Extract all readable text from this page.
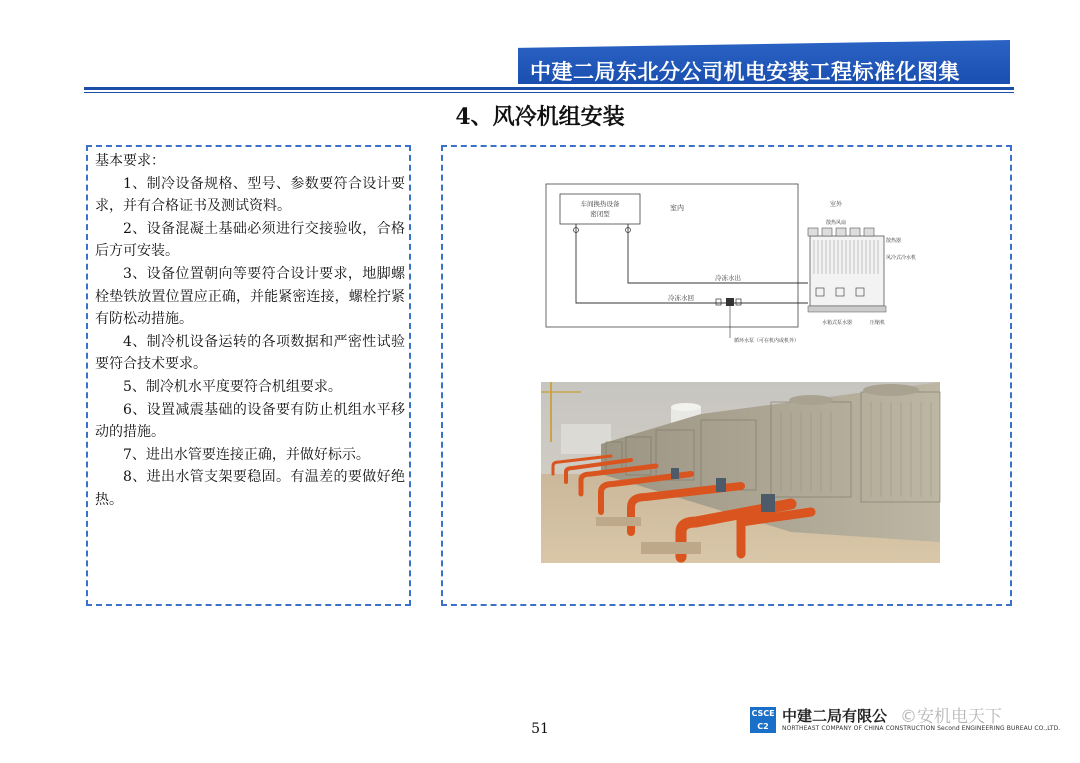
中建二局东北分公司机电安装工程标准化图集
4、风冷机组安装
基本要求：
1、制冷设备规格、型号、参数要符合设计要求，并有合格证书及测试资料。
2、设备混凝土基础必须进行交接验收，合格后方可安装。
3、设备位置朝向等要符合设计要求，地脚螺栓垫铁放置位置应正确，并能紧密连接，螺栓拧紧有防松动措施。
4、制冷机设备运转的各项数据和严密性试验要符合技术要求。
5、制冷机水平度要符合机组要求。
6、设置减震基础的设备要有防止机组水平移动的措施。
7、进出水管要连接正确，并做好标示。
8、进出水管支架要稳固。有温差的要做好绝热。
车间换热设备
密闭型
室内	室外
冷冻水出
冷冻水回
循环水泵（可在机内或机外）
散热风扇
散热器
风冷式冷水机
水箱式泵水器	压缩机
51
CSCE
C2
中建二局有限公
NORTHEAST COMPANY OF CHINA CONSTRUCTION Second ENGINEERING BUREAU CO.,LTD.
©安机电天下
